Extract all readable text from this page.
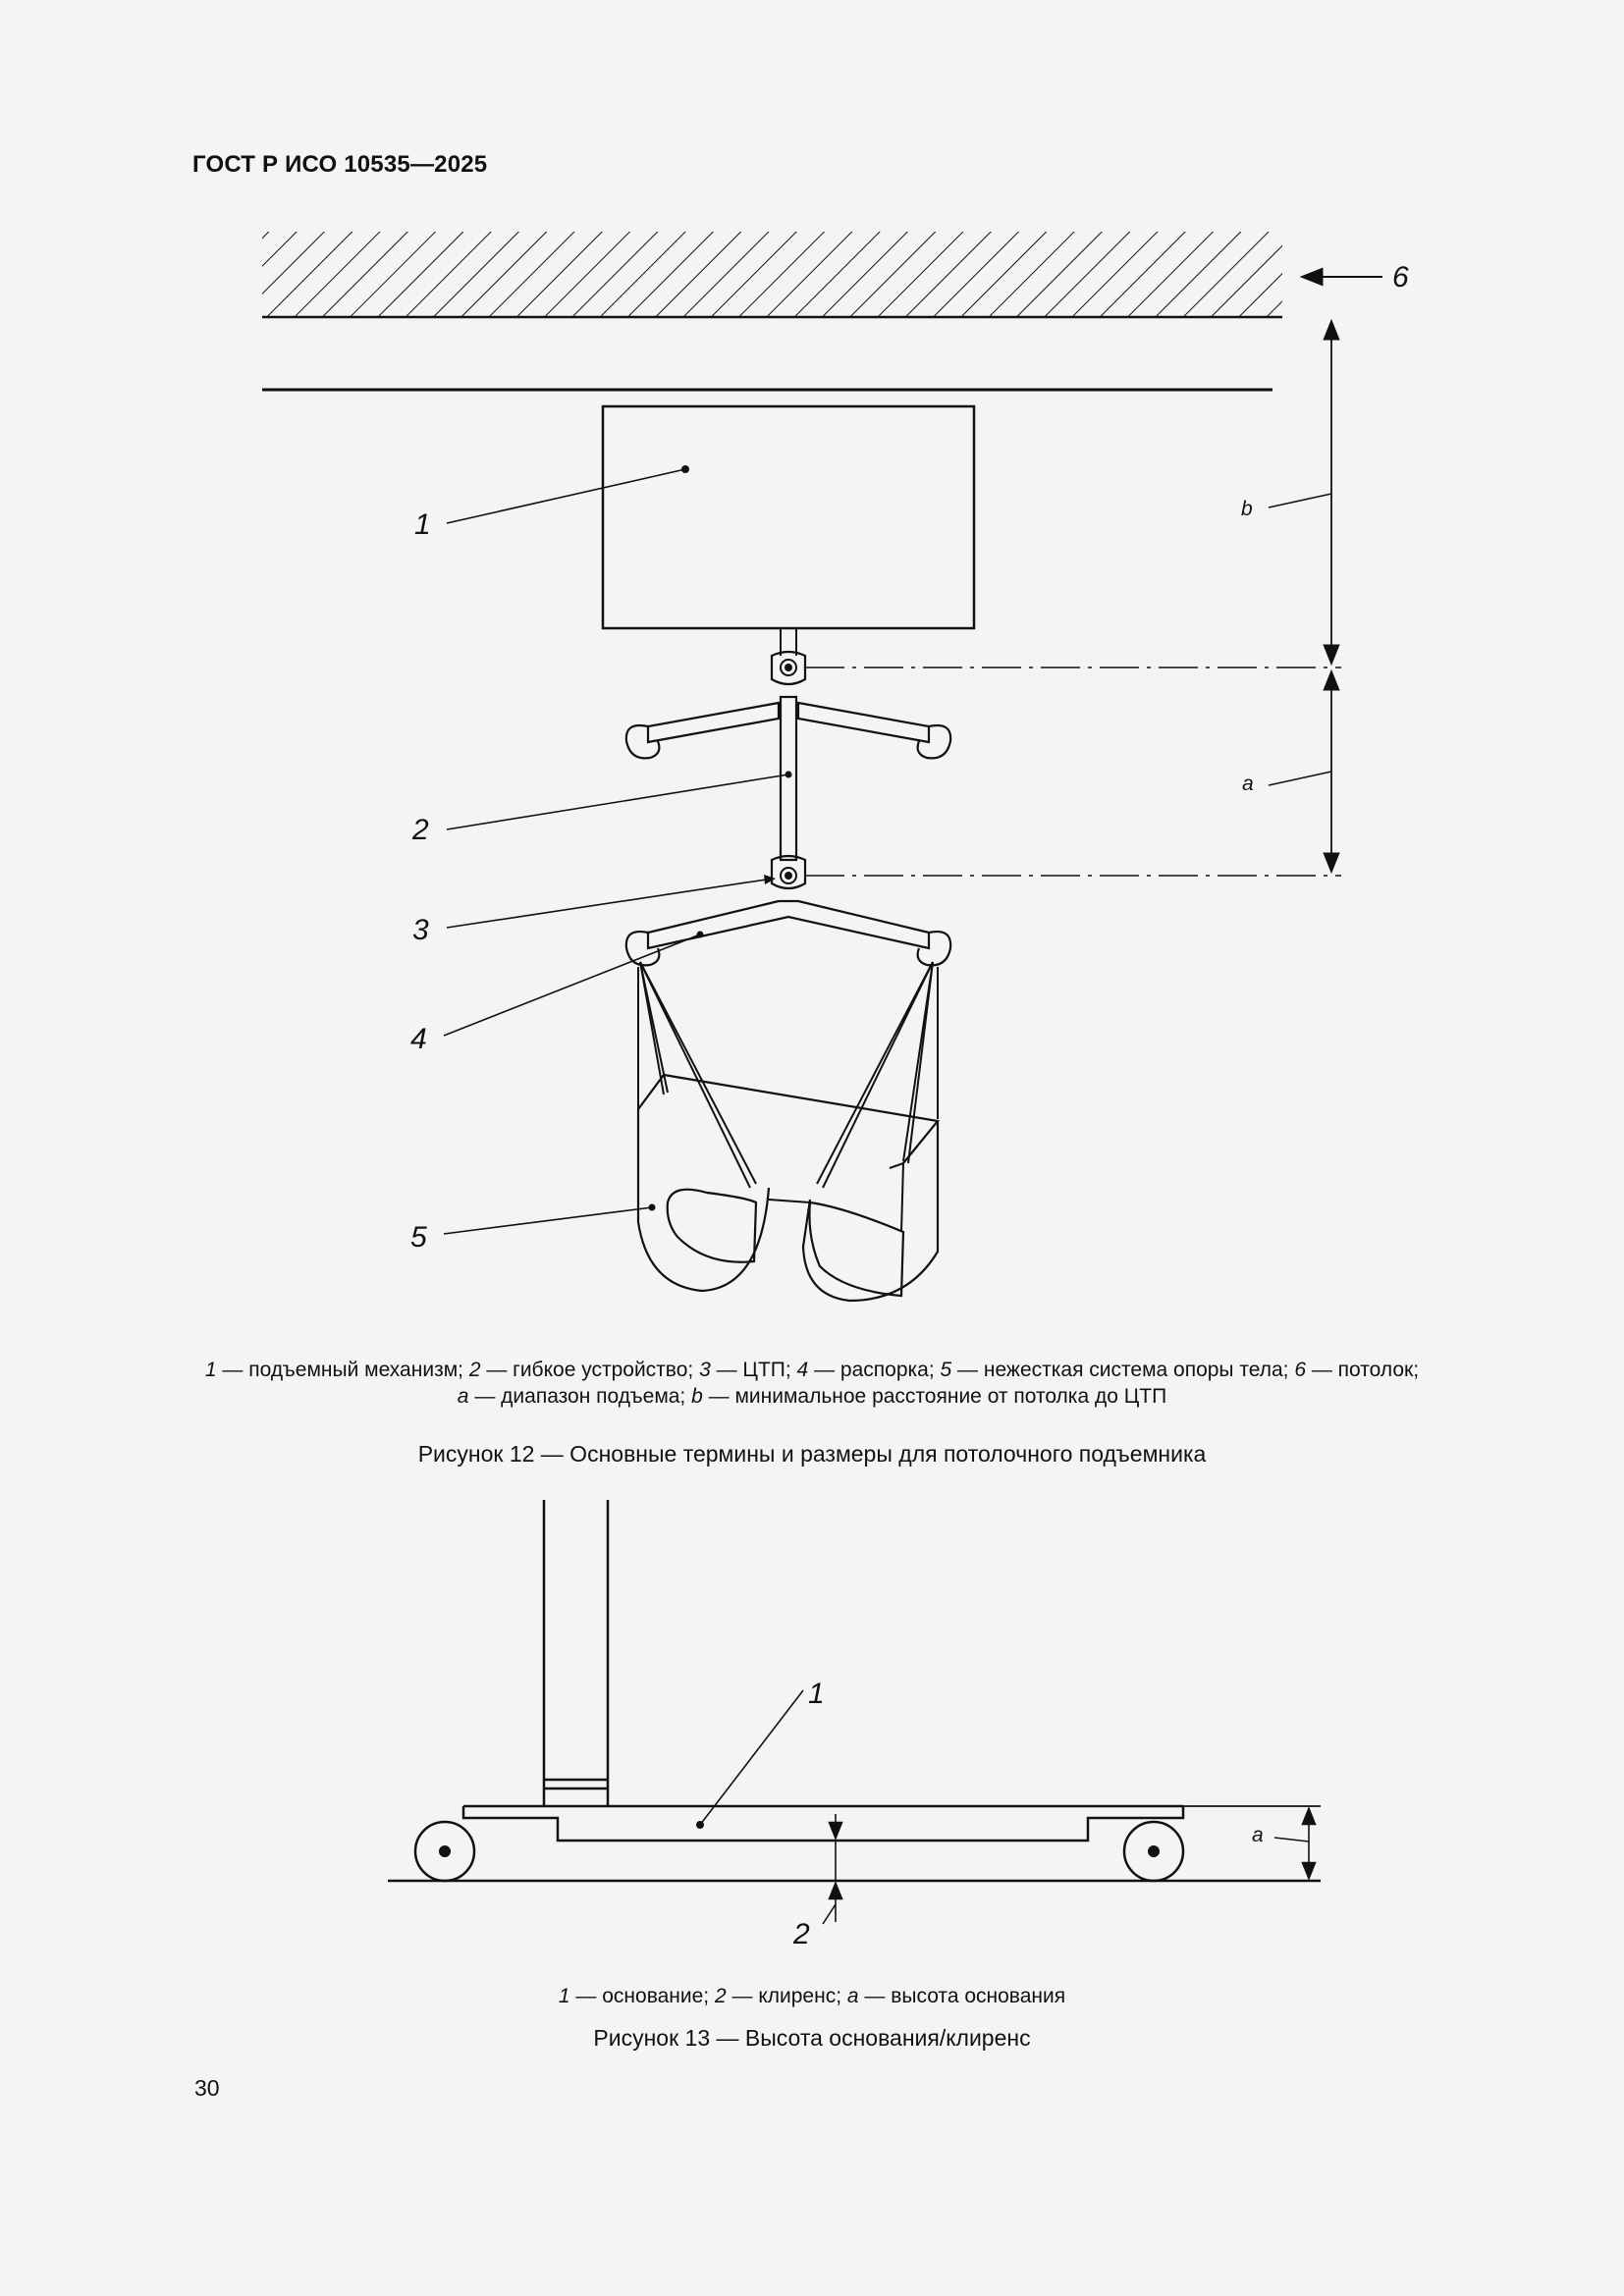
ГОСТ Р ИСО 10535—2025
1
2
3
4
5
6
a
b
1
2
a
1 — подъемный механизм; 2 — гибкое устройство; 3 — ЦТП; 4 — распорка; 5 — нежесткая система опоры тела; 6 — потолок;
a — диапазон подъема; b — минимальное расстояние от потолка до ЦТП
Рисунок 12 — Основные термины и размеры для потолочного подъемника
1 — основание; 2 — клиренс; a — высота основания
Рисунок 13 — Высота основания/клиренс
30
